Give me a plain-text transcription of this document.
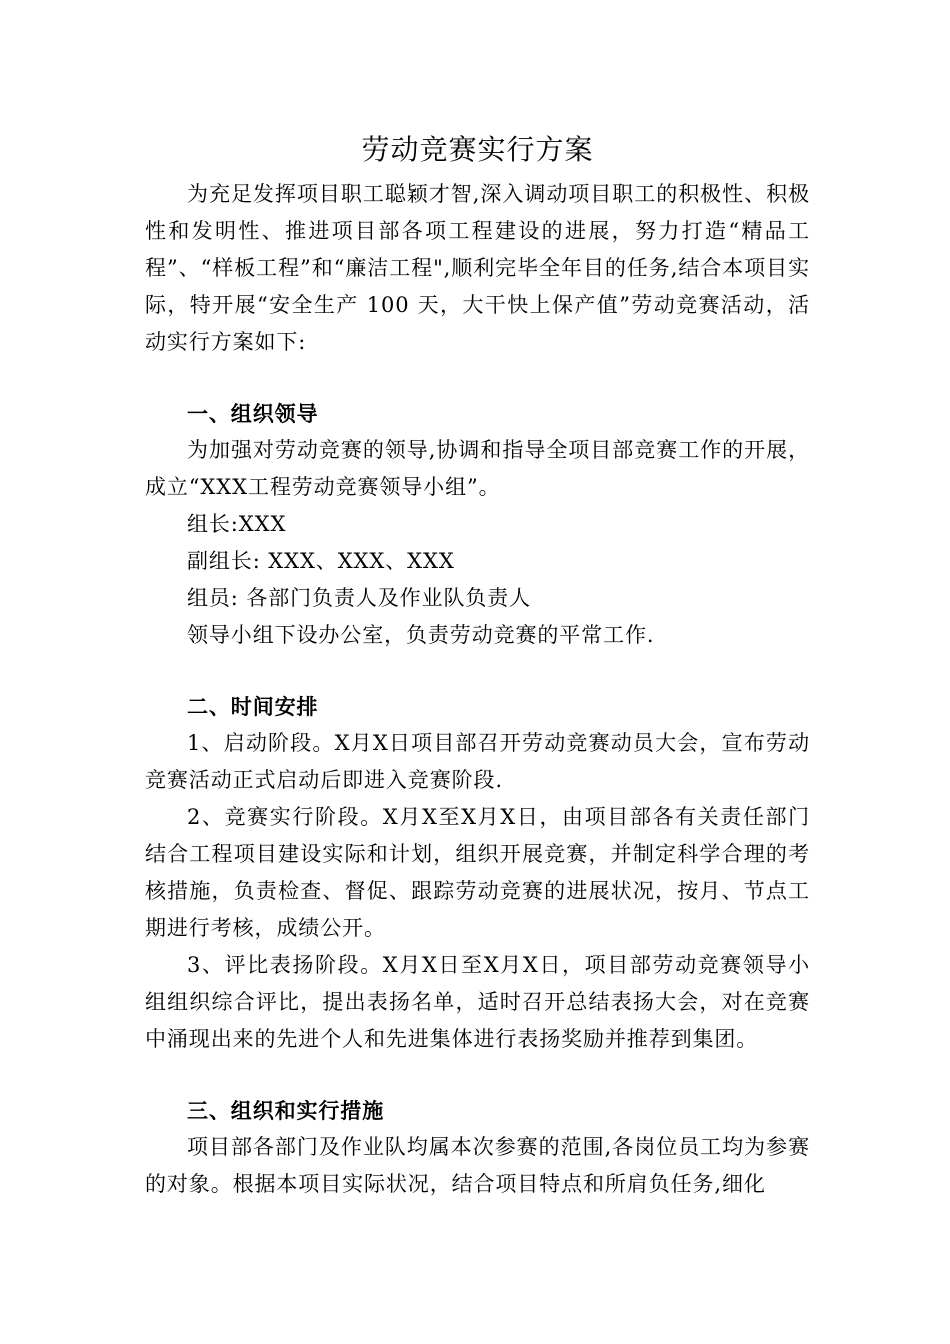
劳动竞赛实行方案

为充足发挥项目职工聪颖才智,深入调动项目职工的积极性、积极性和发明性、推进项目部各项工程建设的进展，努力打造“精品工程”、“样板工程”和“廉洁工程",顺利完毕全年目的任务,结合本项目实际，特开展“安全生产 100 天，大干快上保产值”劳动竞赛活动，活动实行方案如下:

一、组织领导

为加强对劳动竞赛的领导,协调和指导全项目部竞赛工作的开展，成立“XXX工程劳动竞赛领导小组”。

组长:XXX

副组长: XXX、XXX、XXX

组员: 各部门负责人及作业队负责人

领导小组下设办公室，负责劳动竞赛的平常工作.

二、时间安排

1、启动阶段。X月X日项目部召开劳动竞赛动员大会，宣布劳动竞赛活动正式启动后即进入竞赛阶段.

2、竞赛实行阶段。X月X至X月X日，由项目部各有关责任部门结合工程项目建设实际和计划，组织开展竞赛，并制定科学合理的考核措施，负责检查、督促、跟踪劳动竞赛的进展状况，按月、节点工期进行考核，成绩公开。

3、评比表扬阶段。X月X日至X月X日，项目部劳动竞赛领导小组组织综合评比，提出表扬名单，适时召开总结表扬大会，对在竞赛中涌现出来的先进个人和先进集体进行表扬奖励并推荐到集团。

三、组织和实行措施

项目部各部门及作业队均属本次参赛的范围,各岗位员工均为参赛的对象。根据本项目实际状况，结合项目特点和所肩负任务,细化
